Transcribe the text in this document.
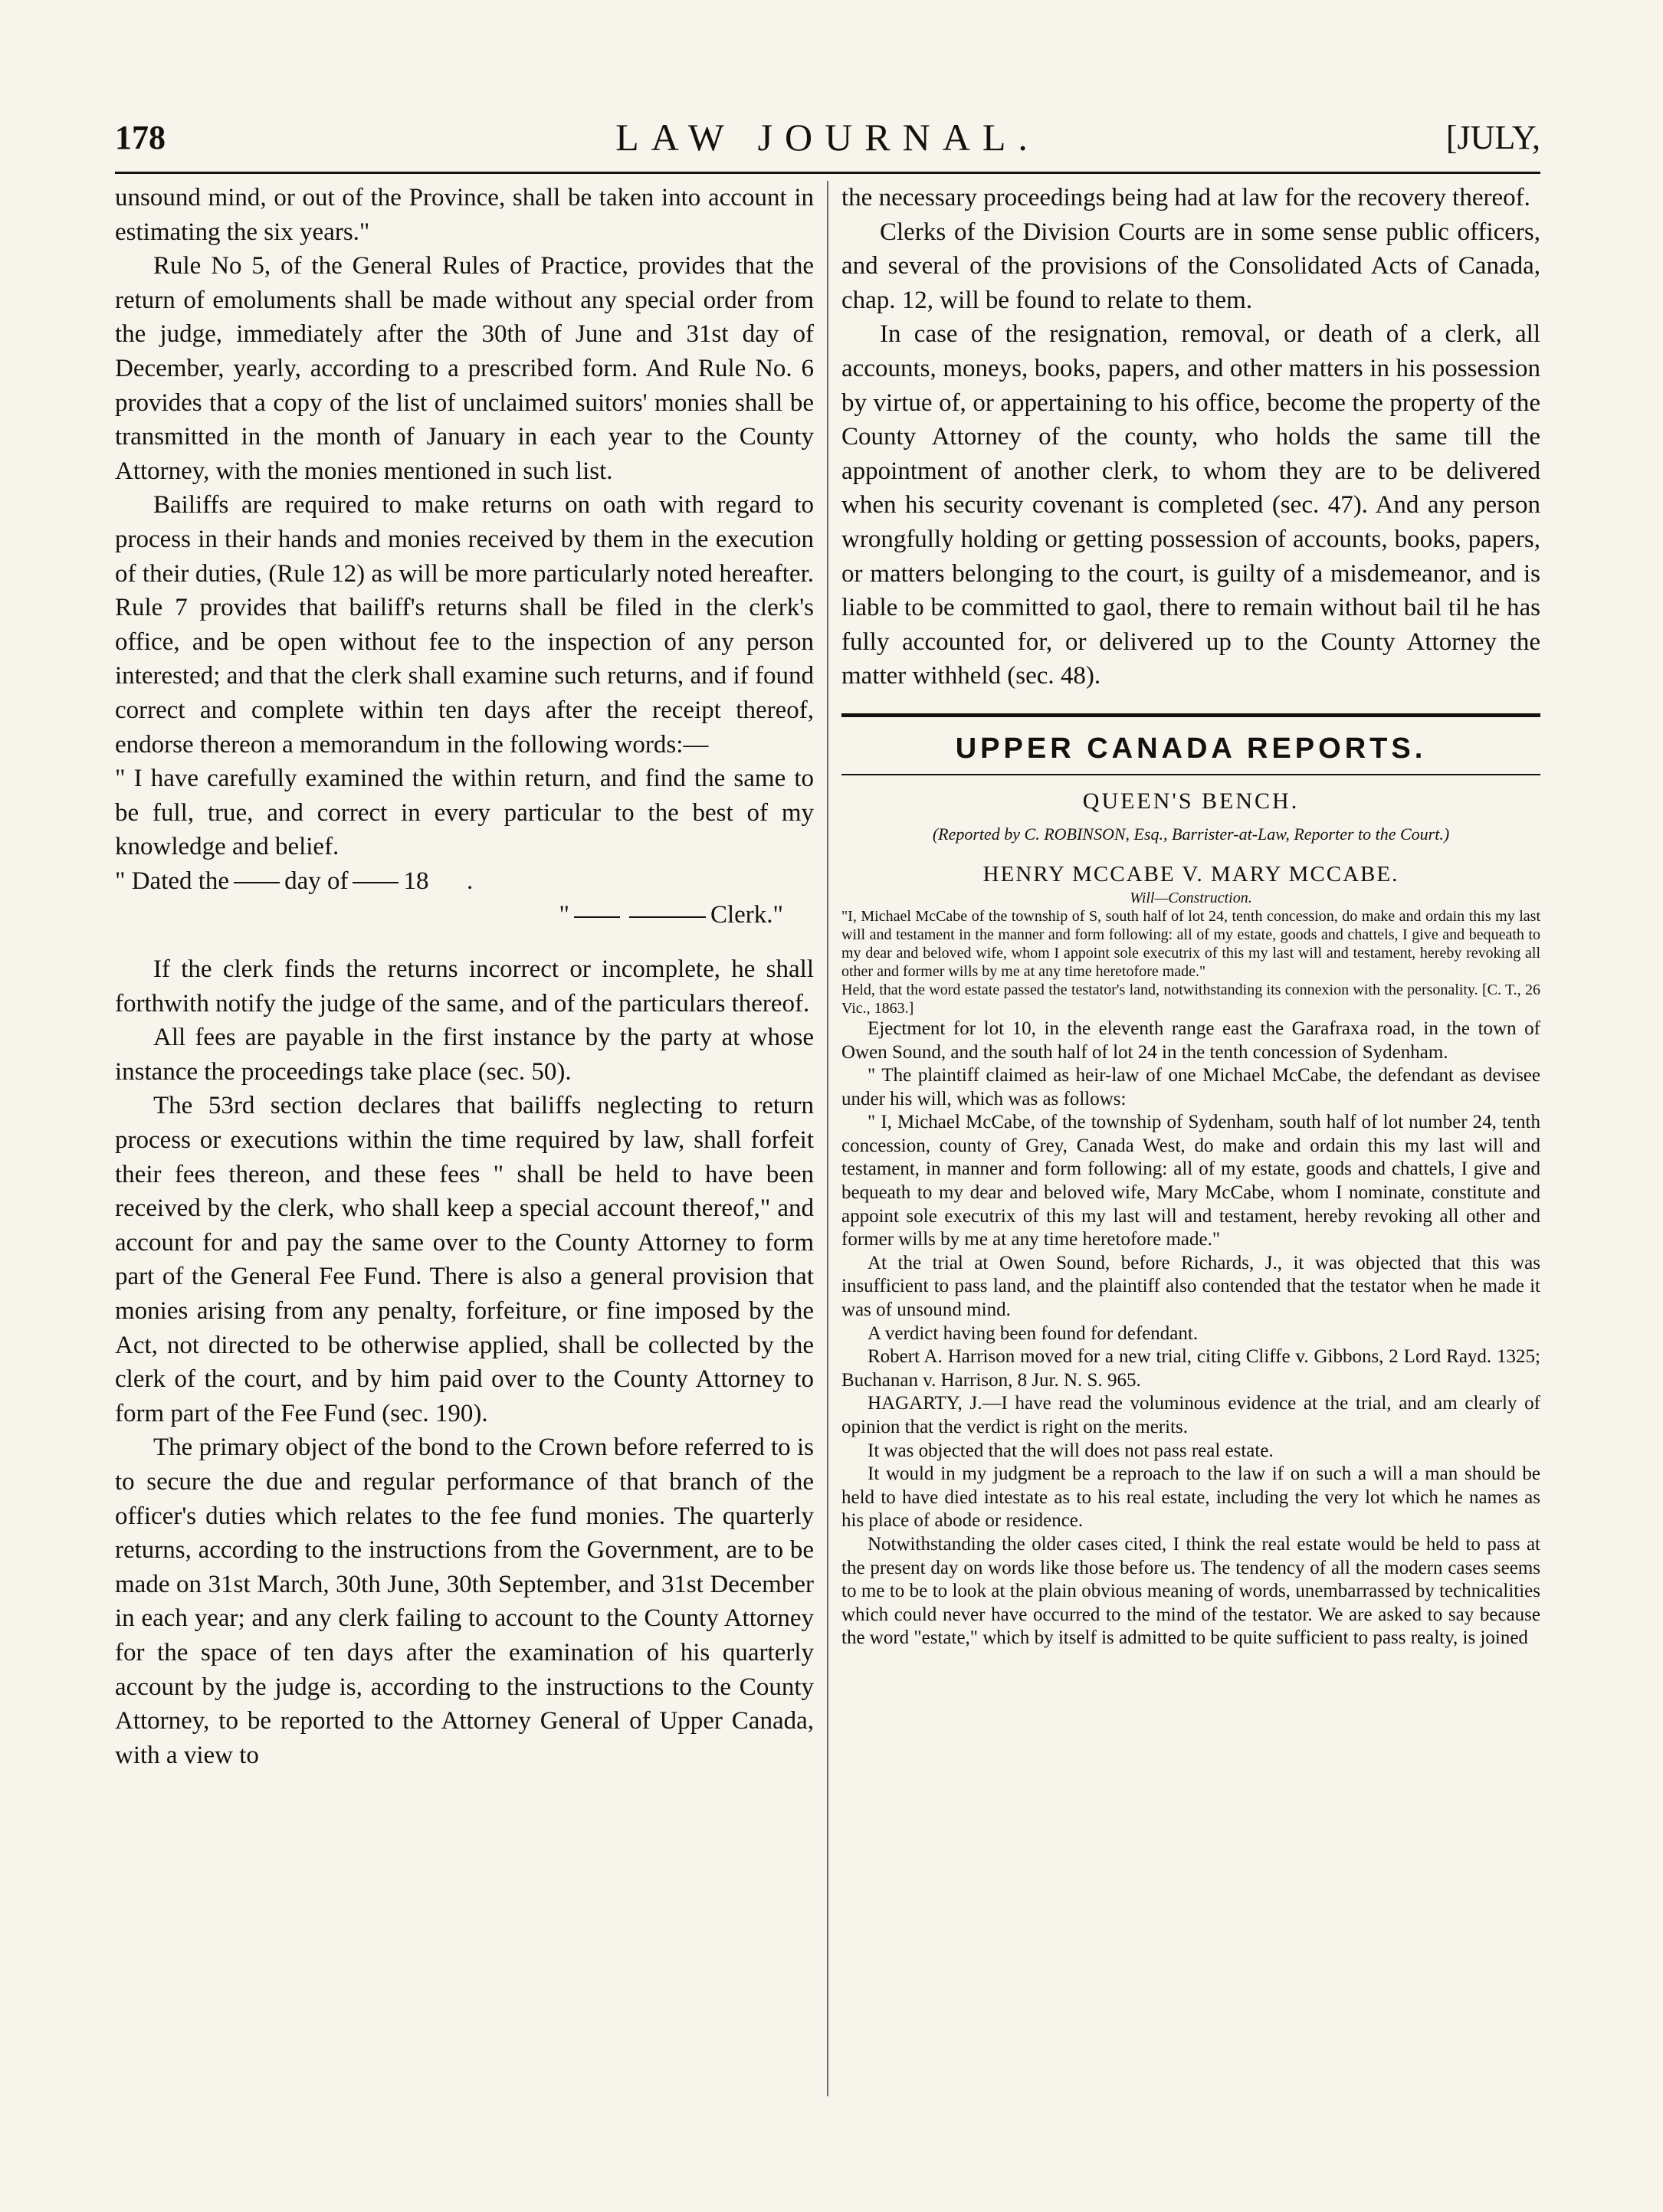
178	LAW JOURNAL.	[JULY,

unsound mind, or out of the Province, shall be taken into account in estimating the six years."

Rule No 5, of the General Rules of Practice, provides that the return of emoluments shall be made without any special order from the judge, immediately after the 30th of June and 31st day of December, yearly, according to a prescribed form. And Rule No. 6 provides that a copy of the list of unclaimed suitors' monies shall be transmitted in the month of January in each year to the County Attorney, with the monies mentioned in such list.

Bailiffs are required to make returns on oath with regard to process in their hands and monies received by them in the execution of their duties, (Rule 12) as will be more particularly noted hereafter. Rule 7 provides that bailiff's returns shall be filed in the clerk's office, and be open without fee to the inspection of any person interested; and that the clerk shall examine such returns, and if found correct and complete within ten days after the receipt thereof, endorse thereon a memorandum in the following words:—

" I have carefully examined the within return, and find the same to be full, true, and correct in every particular to the best of my knowledge and belief.

" Dated the day of 18 .

"	Clerk."

If the clerk finds the returns incorrect or incomplete, he shall forthwith notify the judge of the same, and of the particulars thereof.

All fees are payable in the first instance by the party at whose instance the proceedings take place (sec. 50).

The 53rd section declares that bailiffs neglecting to return process or executions within the time required by law, shall forfeit their fees thereon, and these fees " shall be held to have been received by the clerk, who shall keep a special account thereof," and account for and pay the same over to the County Attorney to form part of the General Fee Fund. There is also a general provision that monies arising from any penalty, forfeiture, or fine imposed by the Act, not directed to be otherwise applied, shall be collected by the clerk of the court, and by him paid over to the County Attorney to form part of the Fee Fund (sec. 190).

The primary object of the bond to the Crown before referred to is to secure the due and regular performance of that branch of the officer's duties which relates to the fee fund monies. The quarterly returns, according to the instructions from the Government, are to be made on 31st March, 30th June, 30th September, and 31st December in each year; and any clerk failing to account to the County Attorney for the space of ten days after the examination of his quarterly account by the judge is, according to the instructions to the County Attorney, to be reported to the Attorney General of Upper Canada, with a view to

the necessary proceedings being had at law for the recovery thereof.

Clerks of the Division Courts are in some sense public officers, and several of the provisions of the Consolidated Acts of Canada, chap. 12, will be found to relate to them.

In case of the resignation, removal, or death of a clerk, all accounts, moneys, books, papers, and other matters in his possession by virtue of, or appertaining to his office, become the property of the County Attorney of the county, who holds the same till the appointment of another clerk, to whom they are to be delivered when his security covenant is completed (sec. 47). And any person wrongfully holding or getting possession of accounts, books, papers, or matters belonging to the court, is guilty of a misdemeanor, and is liable to be committed to gaol, there to remain without bail til he has fully accounted for, or delivered up to the County Attorney the matter withheld (sec. 48).

UPPER CANADA REPORTS.
QUEEN'S BENCH.

(Reported by C. ROBINSON, Esq., Barrister-at-Law, Reporter to the Court.)

HENRY MCCABE V. MARY MCCABE.

Will—Construction.

"I, Michael McCabe of the township of S, south half of lot 24, tenth concession, do make and ordain this my last will and testament in the manner and form following: all of my estate, goods and chattels, I give and bequeath to my dear and beloved wife, whom I appoint sole executrix of this my last will and testament, hereby revoking all other and former wills by me at any time heretofore made."

Held, that the word estate passed the testator's land, notwithstanding its connexion with the personality. [C. T., 26 Vic., 1863.]

Ejectment for lot 10, in the eleventh range east the Garafraxa road, in the town of Owen Sound, and the south half of lot 24 in the tenth concession of Sydenham.

" The plaintiff claimed as heir-law of one Michael McCabe, the defendant as devisee under his will, which was as follows:

" I, Michael McCabe, of the township of Sydenham, south half of lot number 24, tenth concession, county of Grey, Canada West, do make and ordain this my last will and testament, in manner and form following: all of my estate, goods and chattels, I give and bequeath to my dear and beloved wife, Mary McCabe, whom I nominate, constitute and appoint sole executrix of this my last will and testament, hereby revoking all other and former wills by me at any time heretofore made."

At the trial at Owen Sound, before Richards, J., it was objected that this was insufficient to pass land, and the plaintiff also contended that the testator when he made it was of unsound mind.

A verdict having been found for defendant.

Robert A. Harrison moved for a new trial, citing Cliffe v. Gibbons, 2 Lord Rayd. 1325; Buchanan v. Harrison, 8 Jur. N. S. 965.

HAGARTY, J.—I have read the voluminous evidence at the trial, and am clearly of opinion that the verdict is right on the merits.

It was objected that the will does not pass real estate.

It would in my judgment be a reproach to the law if on such a will a man should be held to have died intestate as to his real estate, including the very lot which he names as his place of abode or residence.

Notwithstanding the older cases cited, I think the real estate would be held to pass at the present day on words like those before us. The tendency of all the modern cases seems to me to be to look at the plain obvious meaning of words, unembarrassed by technicalities which could never have occurred to the mind of the testator. We are asked to say because the word "estate," which by itself is admitted to be quite sufficient to pass realty, is joined
